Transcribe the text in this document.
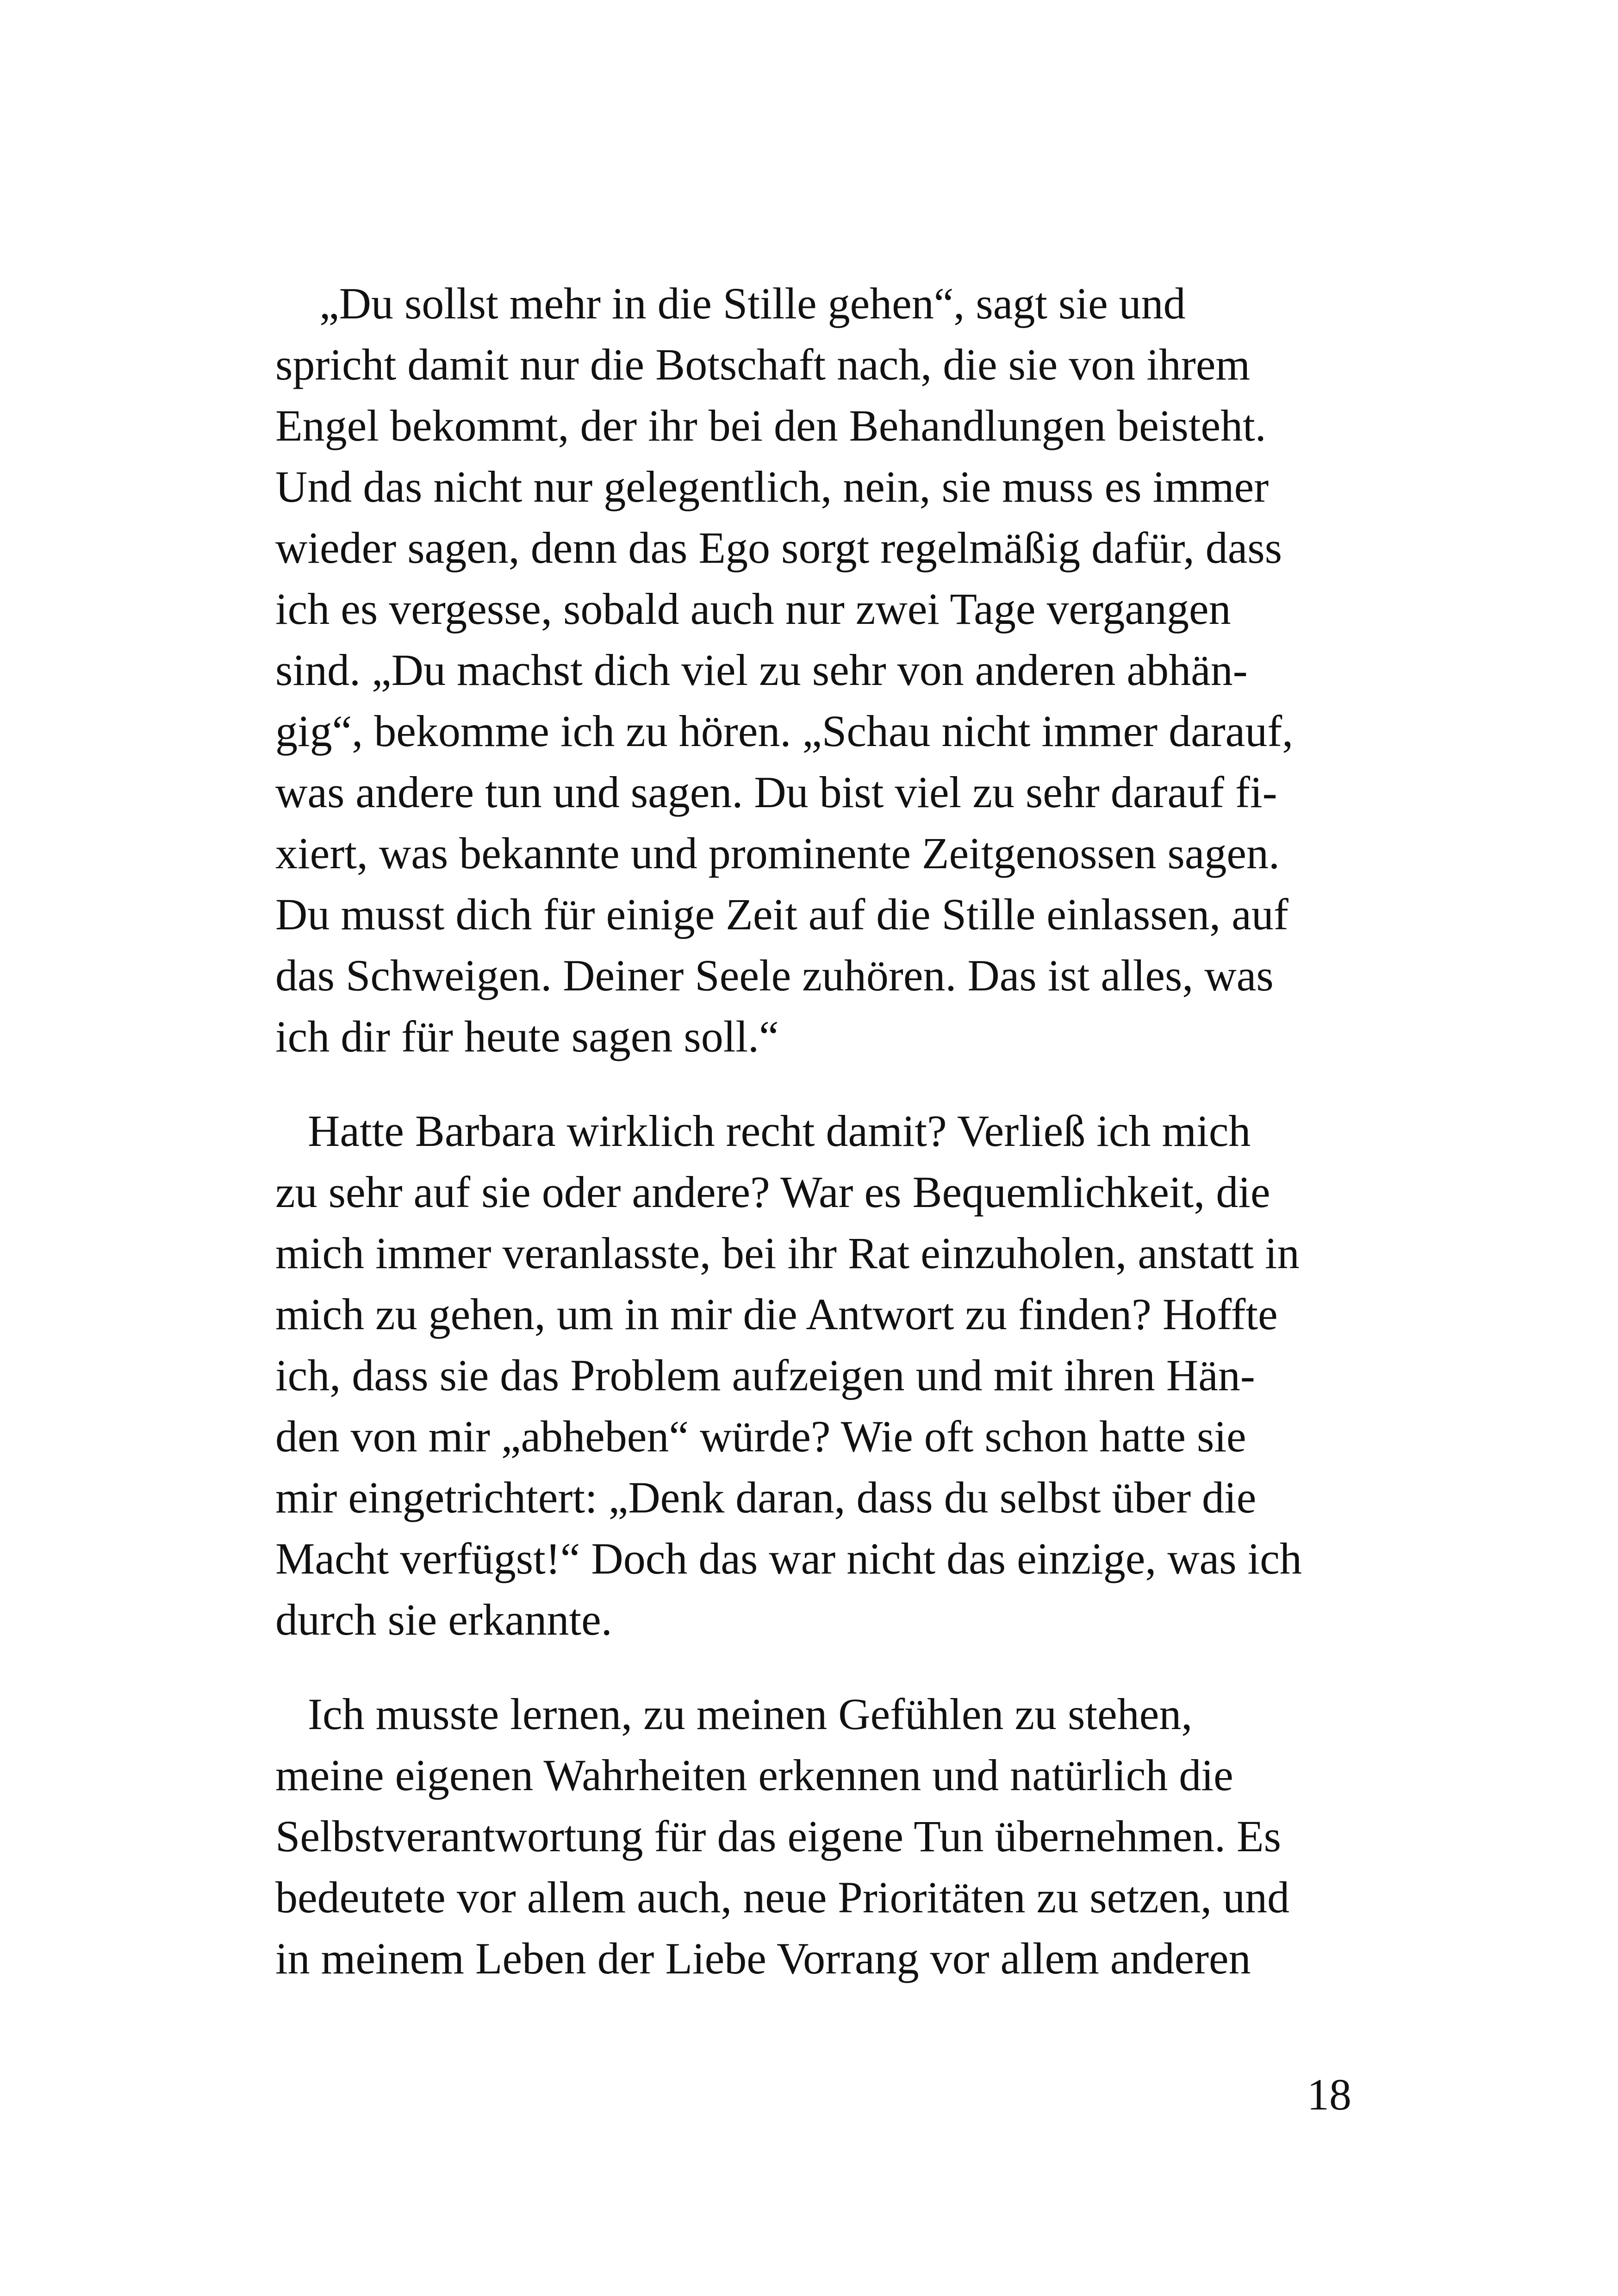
„Du sollst mehr in die Stille gehen“, sagt sie und
spricht damit nur die Botschaft nach, die sie von ihrem
Engel bekommt, der ihr bei den Behandlungen beisteht.
Und das nicht nur gelegentlich, nein, sie muss es immer
wieder sagen, denn das Ego sorgt regelmäßig dafür, dass
ich es vergesse, sobald auch nur zwei Tage vergangen
sind. „Du machst dich viel zu sehr von anderen abhän-
gig“, bekomme ich zu hören. „Schau nicht immer darauf,
was andere tun und sagen. Du bist viel zu sehr darauf fi-
xiert, was bekannte und prominente Zeitgenossen sagen.
Du musst dich für einige Zeit auf die Stille einlassen, auf
das Schweigen. Deiner Seele zuhören. Das ist alles, was
ich dir für heute sagen soll.“

Hatte Barbara wirklich recht damit? Verließ ich mich
zu sehr auf sie oder andere? War es Bequemlichkeit, die
mich immer veranlasste, bei ihr Rat einzuholen, anstatt in
mich zu gehen, um in mir die Antwort zu finden? Hoffte
ich, dass sie das Problem aufzeigen und mit ihren Hän-
den von mir „abheben“ würde? Wie oft schon hatte sie
mir eingetrichtert: „Denk daran, dass du selbst über die
Macht verfügst!“ Doch das war nicht das einzige, was ich
durch sie erkannte.

Ich musste lernen, zu meinen Gefühlen zu stehen,
meine eigenen Wahrheiten erkennen und natürlich die
Selbstverantwortung für das eigene Tun übernehmen. Es
bedeutete vor allem auch, neue Prioritäten zu setzen, und
in meinem Leben der Liebe Vorrang vor allem anderen

18
